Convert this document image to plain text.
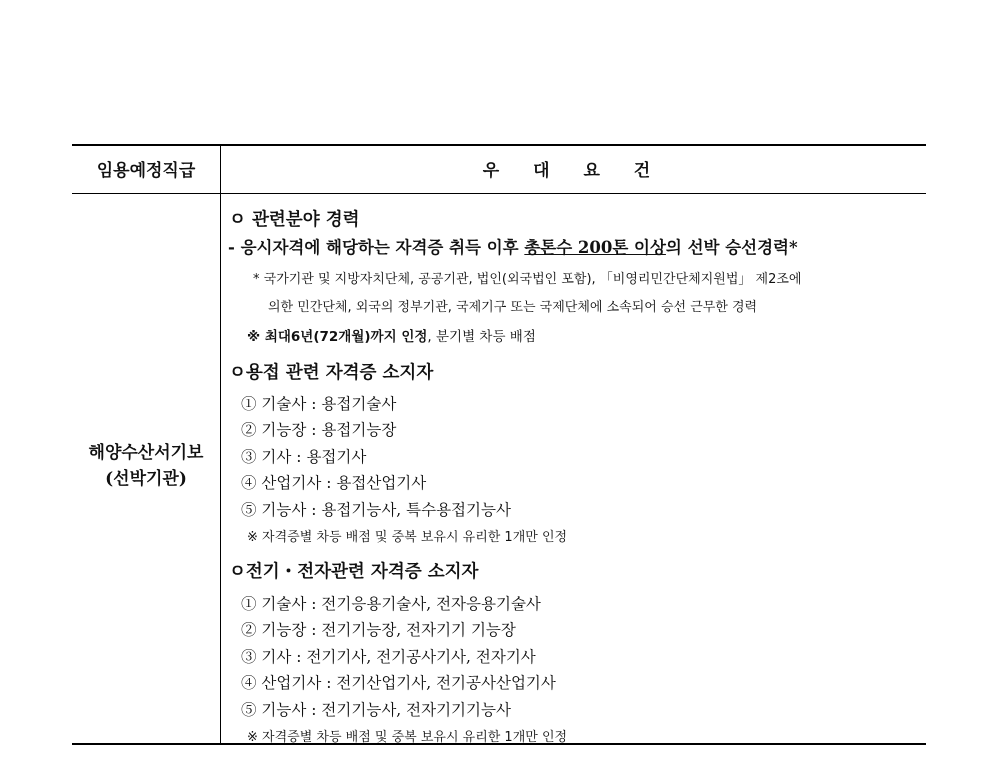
임용예정직급	우 대 요 건
해양수산서기보
(선박기관)
ㅇ 관련분야 경력
- 응시자격에 해당하는 자격증 취득 이후 총톤수 200톤 이상의 선박 승선경력*
* 국가기관 및 지방자치단체, 공공기관, 법인(외국법인 포함), 「비영리민간단체지원법」 제2조에
의한 민간단체, 외국의 정부기관, 국제기구 또는 국제단체에 소속되어 승선 근무한 경력
※ 최대6년(72개월)까지 인정, 분기별 차등 배점
ㅇ용접 관련 자격증 소지자
① 기술사 : 용접기술사
② 기능장 : 용접기능장
③ 기사 : 용접기사
④ 산업기사 : 용접산업기사
⑤ 기능사 : 용접기능사, 특수용접기능사
※ 자격증별 차등 배점 및 중복 보유시 유리한 1개만 인정
ㅇ전기・전자관련 자격증 소지자
① 기술사 : 전기응용기술사, 전자응용기술사
② 기능장 : 전기기능장, 전자기기 기능장
③ 기사 : 전기기사, 전기공사기사, 전자기사
④ 산업기사 : 전기산업기사, 전기공사산업기사
⑤ 기능사 : 전기기능사, 전자기기기능사
※ 자격증별 차등 배점 및 중복 보유시 유리한 1개만 인정
